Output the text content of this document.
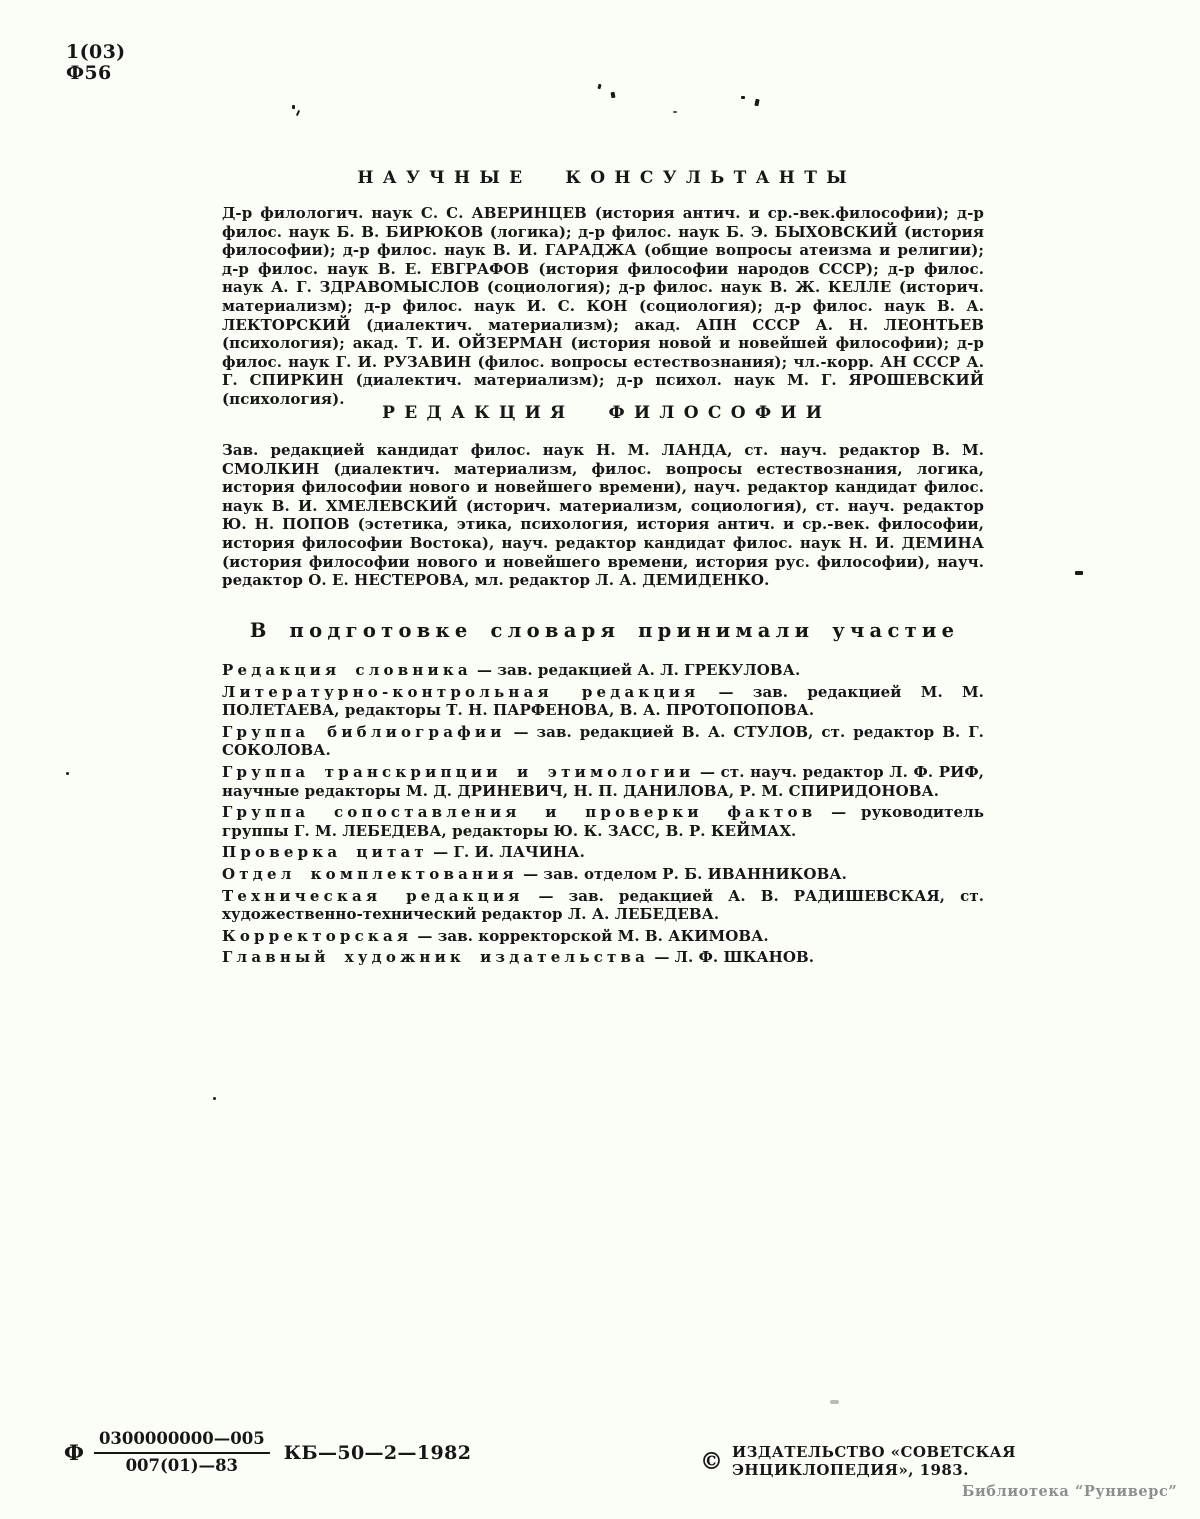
1(03)
Ф56
НАУЧНЫЕ КОНСУЛЬТАНТЫ

Д-р филологич. наук С. С. АВЕРИНЦЕВ (история антич. и ср.-век.философии); д-р филос. наук Б. В. БИРЮКОВ (логика); д-р филос. наук Б. Э. БЫХОВСКИЙ (история философии); д-р филос. наук В. И. ГАРАДЖА (общие вопросы атеизма и религии); д-р филос. наук В. Е. ЕВГРАФОВ (история философии народов СССР); д-р филос. наук А. Г. ЗДРАВОМЫСЛОВ (социология); д-р филос. наук В. Ж. КЕЛЛЕ (историч. материализм); д-р филос. наук И. С. КОН (социология); д-р филос. наук В. А. ЛЕКТОРСКИЙ (диалектич. материализм); акад. АПН СССР А. Н. ЛЕОНТЬЕВ (психология); акад. Т. И. ОЙЗЕРМАН (история новой и новейшей философии); д-р филос. наук Г. И. РУЗАВИН (филос. вопросы естествознания); чл.-корр. АН СССР А. Г. СПИРКИН (диалектич. материализм); д-р психол. наук М. Г. ЯРОШЕВСКИЙ (психология).

РЕДАКЦИЯ ФИЛОСОФИИ

Зав. редакцией кандидат филос. наук Н. М. ЛАНДА, ст. науч. редактор В. М. СМОЛКИН (диалектич. материализм, филос. вопросы естествознания, логика, история философии нового и новейшего времени), науч. редактор кандидат филос. наук В. И. ХМЕЛЕВСКИЙ (историч. материализм, социология), ст. науч. редактор Ю. Н. ПОПОВ (эстетика, этика, психология, история антич. и ср.-век. философии, история философии Востока), науч. редактор кандидат филос. наук Н. И. ДЕМИНА (история философии нового и новейшего времени, история рус. философии), науч. редактор О. Е. НЕСТЕРОВА, мл. редактор Л. А. ДЕМИДЕНКО.

В подготовке словаря принимали участие
Редакция словника — зав. редакцией А. Л. ГРЕКУЛОВА.
Литературно-контрольная редакция — зав. редакцией М. М. ПОЛЕТАЕВА, редакторы Т. Н. ПАРФЕНОВА, В. А. ПРОТОПОПОВА.
Группа библиографии — зав. редакцией В. А. СТУЛОВ, ст. редактор В. Г. СОКОЛОВА.
Группа транскрипции и этимологии — ст. науч. редактор Л. Ф. РИФ, научные редакторы М. Д. ДРИНЕВИЧ, Н. П. ДАНИЛОВА, Р. М. СПИРИДОНОВА.
Группа сопоставления и проверки фактов — руководитель группы Г. М. ЛЕБЕДЕВА, редакторы Ю. К. ЗАСС, В. Р. КЕЙМАХ.
Проверка цитат — Г. И. ЛАЧИНА.
Отдел комплектования — зав. отделом Р. Б. ИВАННИКОВА.
Техническая редакция — зав. редакцией А. В. РАДИШЕВСКАЯ, ст. художественно-технический редактор Л. А. ЛЕБЕДЕВА.
Корректорская — зав. корректорской М. В. АКИМОВА.
Главный художник издательства — Л. Ф. ШКАНОВ.
Ф $\frac{0300000000—005}{007(01)—83}$ КБ—50—2—1982	© ИЗДАТЕЛЬСТВО «СОВЕТСКАЯ ЭНЦИКЛОПЕДИЯ», 1983.
Библиотека “Руниверс”
